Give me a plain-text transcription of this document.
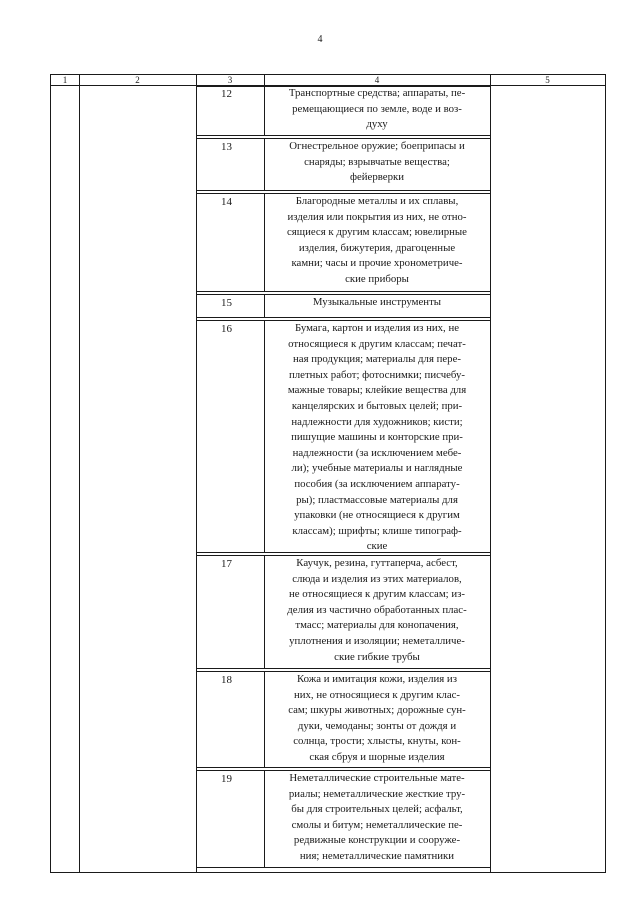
4
1	2	3	4	5
12	Транспортные средства; аппараты, пе-
ремещающиеся по земле, воде и воз-
духу
13	Огнестрельное оружие; боеприпасы и
снаряды; взрывчатые вещества;
фейерверки
14	Благородные металлы и их сплавы,
изделия или покрытия из них, не отно-
сящиеся к другим классам; ювелирные
изделия, бижутерия, драгоценные
камни; часы и прочие хронометриче-
ские приборы
15	Музыкальные инструменты
16	Бумага, картон и изделия из них, не
относящиеся к другим классам; печат-
ная продукция; материалы для пере-
плетных работ; фотоснимки; писчебу-
мажные товары; клейкие вещества для
канцелярских и бытовых целей; при-
надлежности для художников; кисти;
пишущие машины и конторские при-
надлежности (за исключением мебе-
ли); учебные материалы и наглядные
пособия (за исключением аппарату-
ры); пластмассовые материалы для
упаковки (не относящиеся к другим
классам); шрифты; клише типограф-
ские
17	Каучук, резина, гуттаперча, асбест,
слюда и изделия из этих материалов,
не относящиеся к другим классам; из-
делия из частично обработанных плас-
тмасс; материалы для конопачения,
уплотнения и изоляции; неметалличе-
ские гибкие трубы
18	Кожа и имитация кожи, изделия из
них, не относящиеся к другим клас-
сам; шкуры животных; дорожные сун-
дуки, чемоданы; зонты от дождя и
солнца, трости; хлысты, кнуты, кон-
ская сбруя и шорные изделия
19	Неметаллические строительные мате-
риалы; неметаллические жесткие тру-
бы для строительных целей; асфальт,
смолы и битум; неметаллические пе-
редвижные конструкции и сооруже-
ния; неметаллические памятники
